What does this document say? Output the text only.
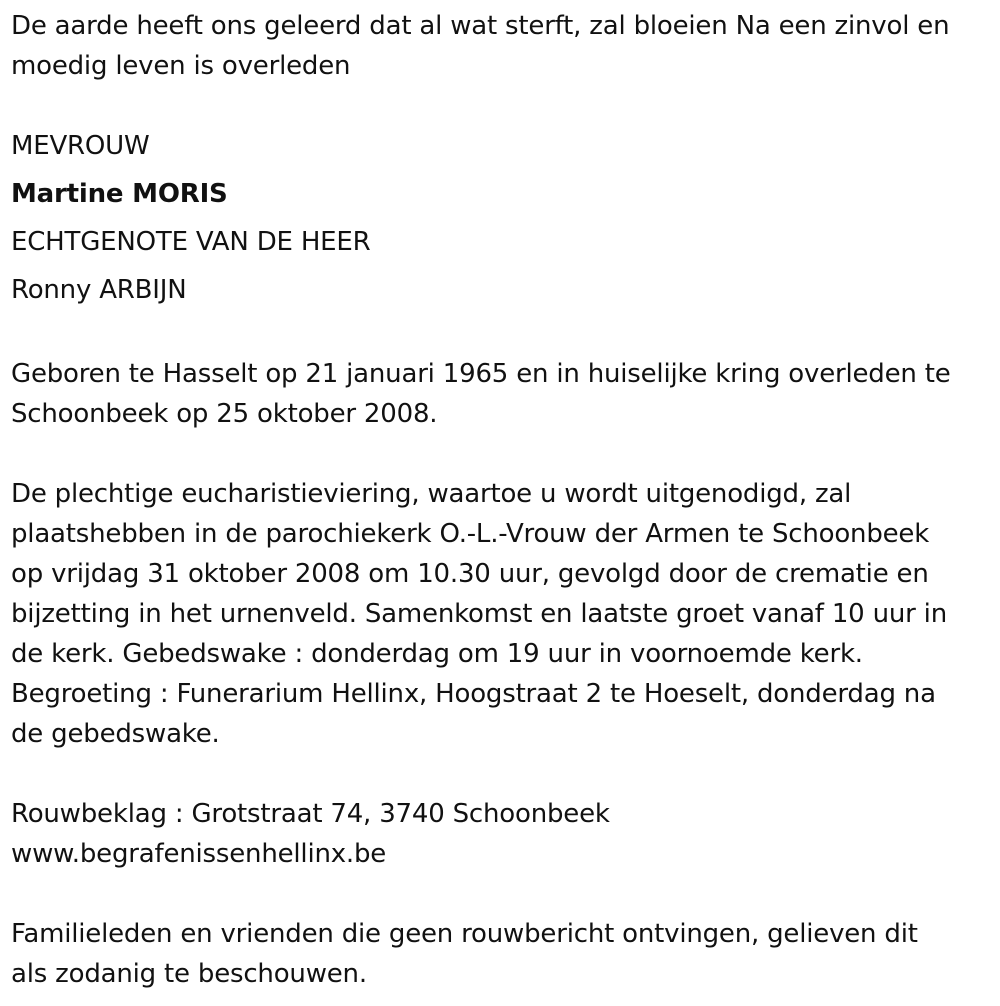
De aarde heeft ons geleerd dat al wat sterft, zal bloeien Na een zinvol en
moedig leven is overleden

MEVROUW
Martine MORIS
ECHTGENOTE VAN DE HEER
Ronny ARBIJN

Geboren te Hasselt op 21 januari 1965 en in huiselijke kring overleden te
Schoonbeek op 25 oktober 2008.

De plechtige eucharistieviering, waartoe u wordt uitgenodigd, zal
plaatshebben in de parochiekerk O.-L.-Vrouw der Armen te Schoonbeek
op vrijdag 31 oktober 2008 om 10.30 uur, gevolgd door de crematie en
bijzetting in het urnenveld. Samenkomst en laatste groet vanaf 10 uur in
de kerk. Gebedswake : donderdag om 19 uur in voornoemde kerk.
Begroeting : Funerarium Hellinx, Hoogstraat 2 te Hoeselt, donderdag na
de gebedswake.

Rouwbeklag : Grotstraat 74, 3740 Schoonbeek
www.begrafenissenhellinx.be

Familieleden en vrienden die geen rouwbericht ontvingen, gelieven dit
als zodanig te beschouwen.
